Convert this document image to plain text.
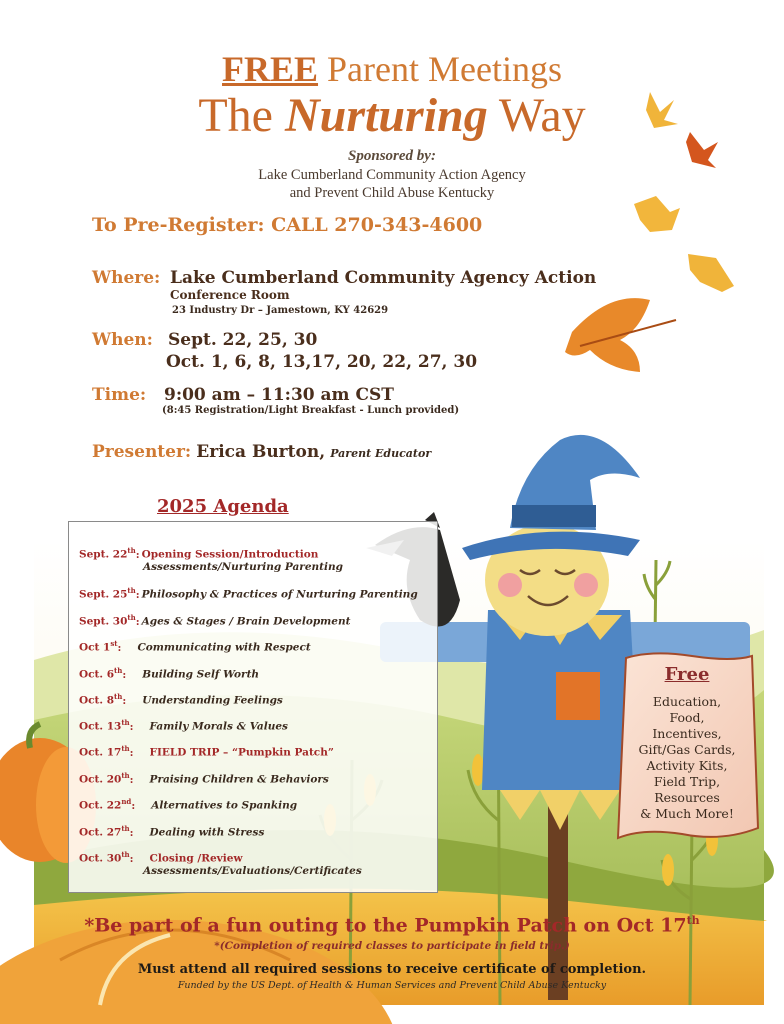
FREE Parent Meetings
The Nurturing Way
Sponsored by:
Lake Cumberland Community Action Agency
and Prevent Child Abuse Kentucky
To Pre-Register: CALL 270-343-4600
Where: Lake Cumberland Community Agency Action
Conference Room
23 Industry Dr – Jamestown, KY 42629
When: Sept. 22, 25, 30
Oct. 1, 6, 8, 13,17, 20, 22, 27, 30
Time: 9:00 am – 11:30 am CST
(8:45 Registration/Light Breakfast - Lunch provided)
Presenter: Erica Burton, Parent Educator
2025 Agenda
Sept. 22th: Opening Session/Introduction
Assessments/Nurturing Parenting
Sept. 25th: Philosophy & Practices of Nurturing Parenting
Sept. 30th: Ages & Stages / Brain Development
Oct 1st: Communicating with Respect
Oct. 6th: Building Self Worth
Oct. 8th: Understanding Feelings
Oct. 13th: Family Morals & Values
Oct. 17th: FIELD TRIP – “Pumpkin Patch”
Oct. 20th: Praising Children & Behaviors
Oct. 22nd: Alternatives to Spanking
Oct. 27th: Dealing with Stress
Oct. 30th: Closing /Review
Assessments/Evaluations/Certificates
Free
Education,
Food,
Incentives,
Gift/Gas Cards,
Activity Kits,
Field Trip,
Resources
& Much More!
*Be part of a fun outing to the Pumpkin Patch on Oct 17th
*(Completion of required classes to participate in field trip.)
Must attend all required sessions to receive certificate of completion.
Funded by the US Dept. of Health & Human Services and Prevent Child Abuse Kentucky
